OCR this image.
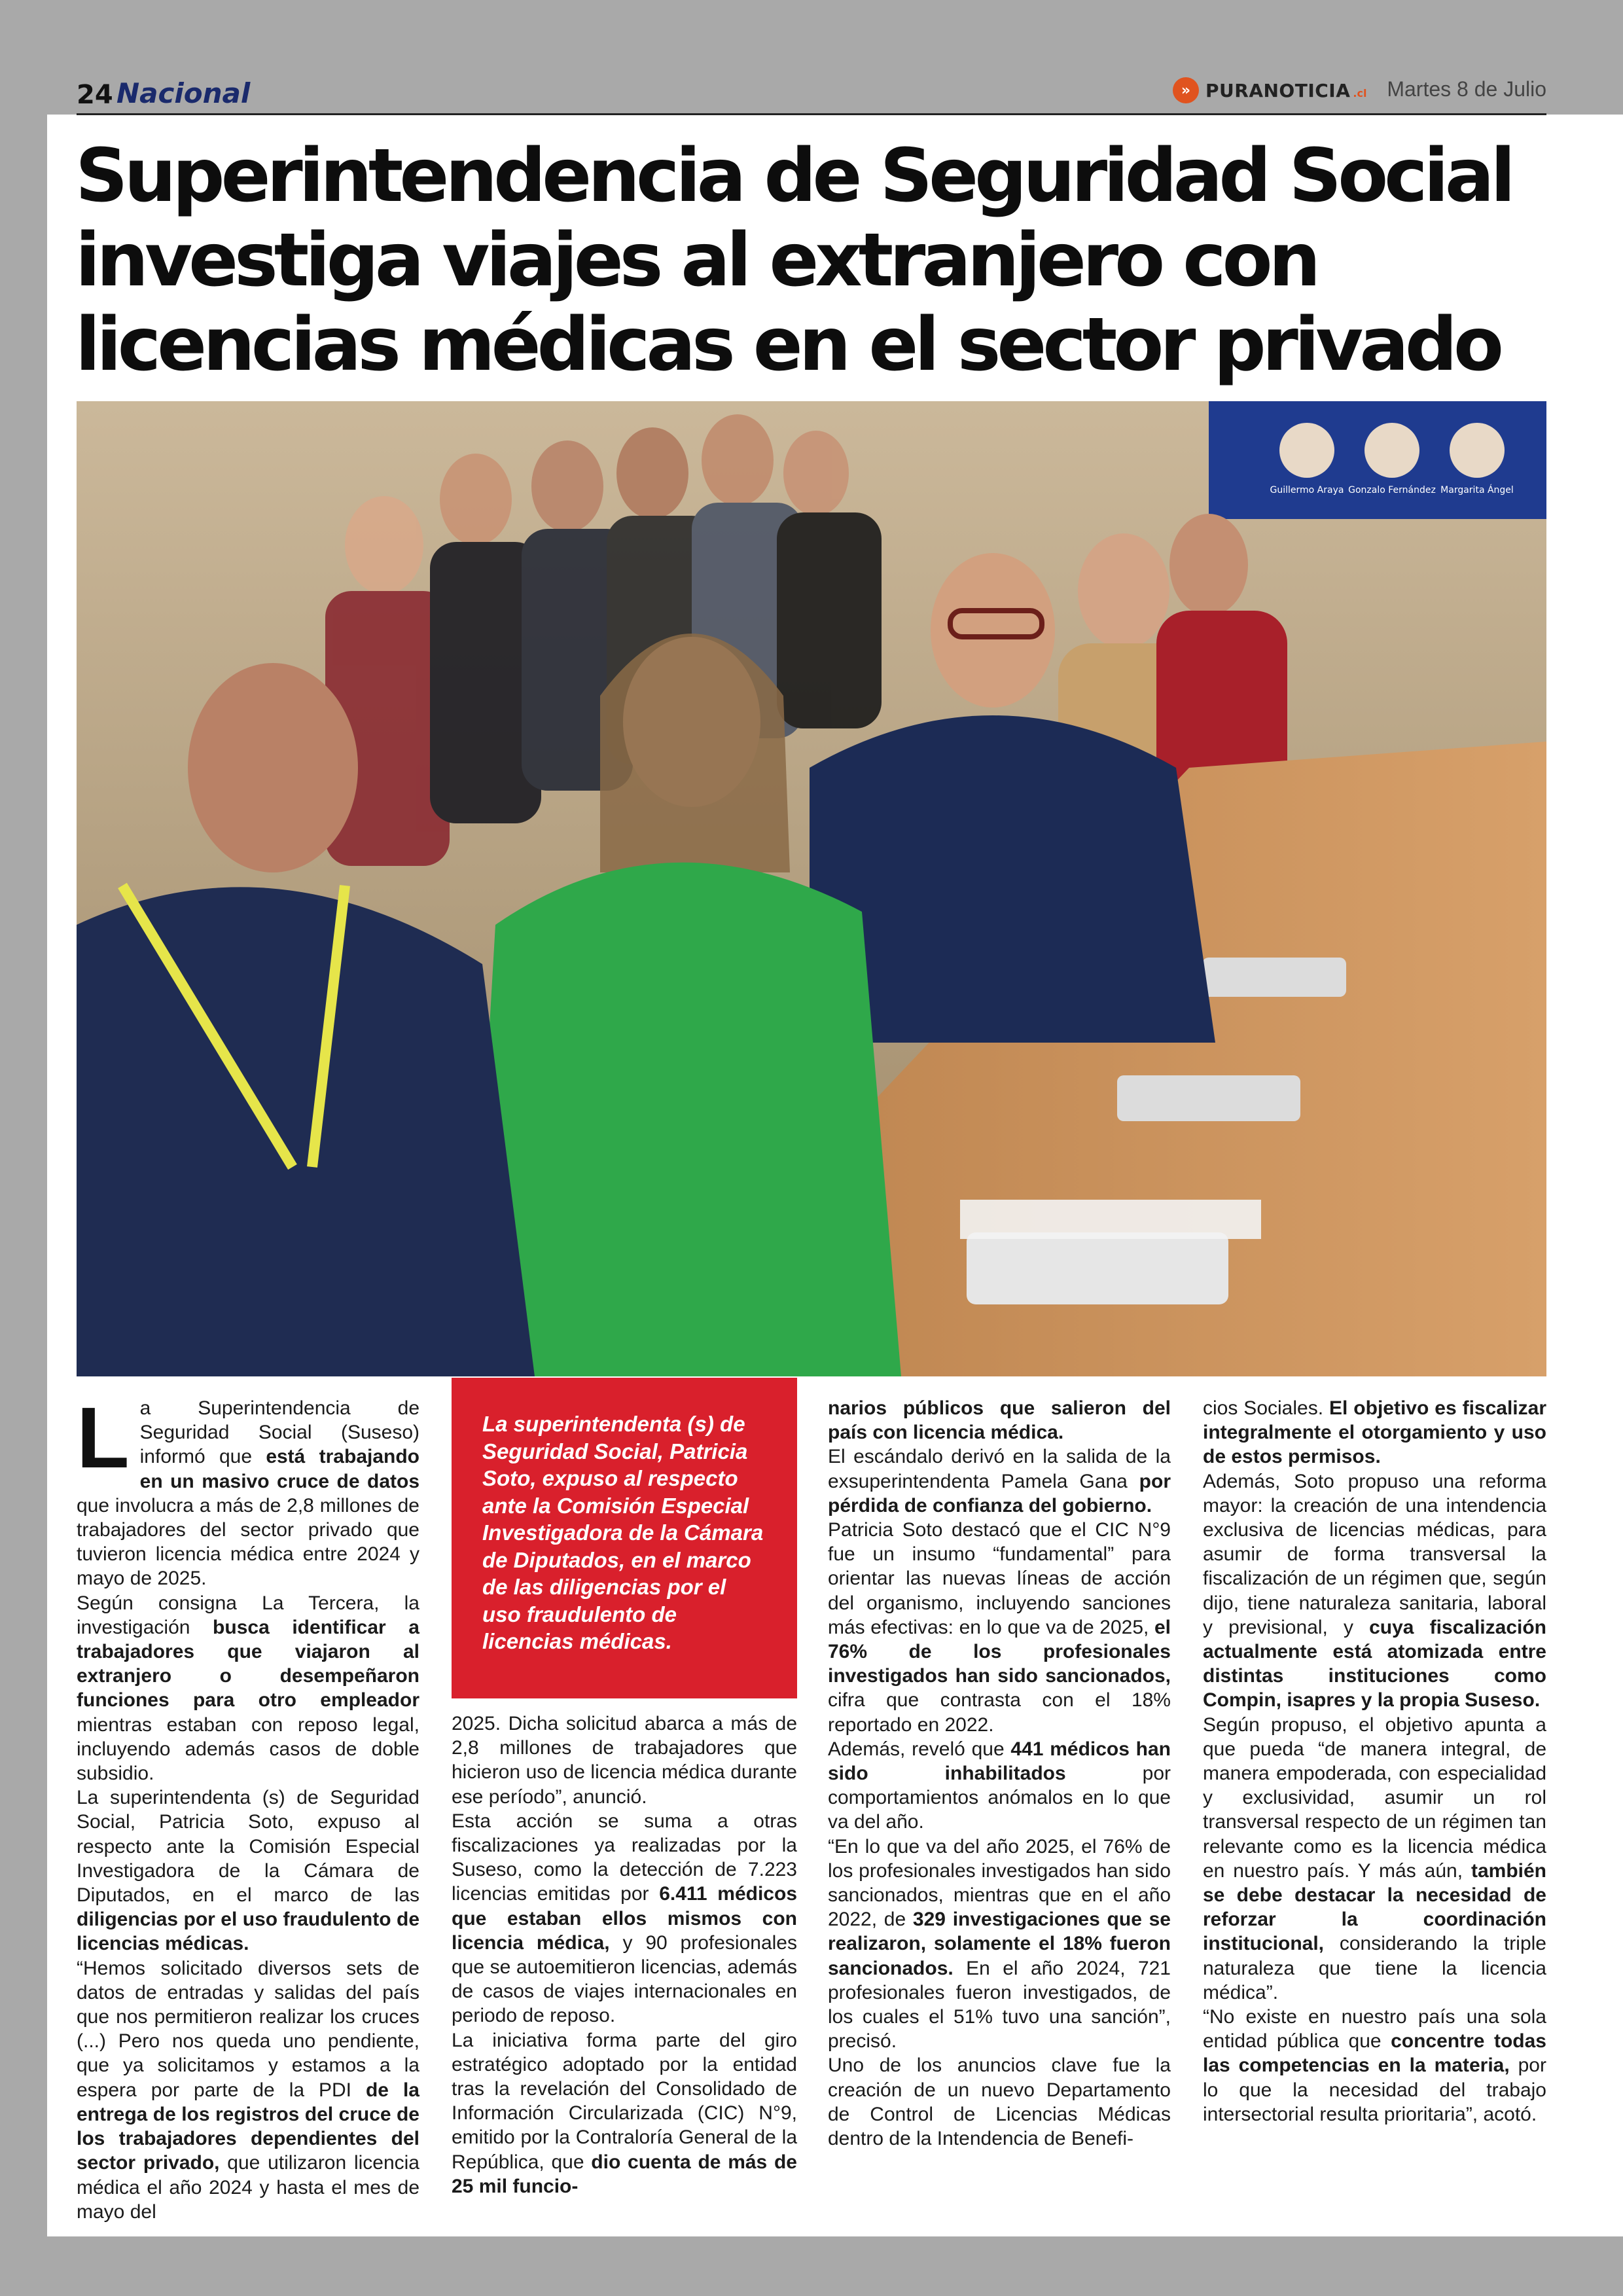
24 Nacional	» PURANOTICIA .cl Martes 8 de Julio
Superintendencia de Seguridad Social investiga viajes al extranjero con licencias médicas en el sector privado
Guillermo Araya Gonzalo Fernández Margarita Ángel
L a Superintendencia de Seguridad Social (Suseso) informó que está trabajando en un masivo cruce de datos que involucra a más de 2,8 millones de trabajadores del sector privado que tuvieron licencia médica entre 2024 y mayo de 2025.
Según consigna La Tercera, la investigación busca identificar a trabajadores que viajaron al extranjero o desempeñaron funciones para otro empleador mientras estaban con reposo legal, incluyendo además casos de doble subsidio.
La superintendenta (s) de Seguridad Social, Patricia Soto, expuso al respecto ante la Comisión Especial Investigadora de la Cámara de Diputados, en el marco de las diligencias por el uso fraudulento de licencias médicas.
“Hemos solicitado diversos sets de datos de entradas y salidas del país que nos permitieron realizar los cruces (...) Pero nos queda uno pendiente, que ya solicitamos y estamos a la espera por parte de la PDI de la entrega de los registros del cruce de los trabajadores dependientes del sector privado, que utilizaron licencia médica el año 2024 y hasta el mes de mayo del

La superintendenta (s) de Seguridad Social, Patricia Soto, expuso al respecto ante la Comisión Especial Investigadora de la Cámara de Diputados, en el marco de las diligencias por el uso fraudulento de licencias médicas.

2025. Dicha solicitud abarca a más de 2,8 millones de trabajadores que hicieron uso de licencia médica durante ese período”, anunció.
Esta acción se suma a otras fiscalizaciones ya realizadas por la Suseso, como la detección de 7.223 licencias emitidas por 6.411 médicos que estaban ellos mismos con licencia médica, y 90 profesionales que se autoemitieron licencias, además de casos de viajes internacionales en periodo de reposo.
La iniciativa forma parte del giro estratégico adoptado por la entidad tras la revelación del Consolidado de Información Circularizada (CIC) N°9, emitido por la Contraloría General de la República, que dio cuenta de más de 25 mil funcio-

narios públicos que salieron del país con licencia médica.
El escándalo derivó en la salida de la exsuperintendenta Pamela Gana por pérdida de confianza del gobierno.
Patricia Soto destacó que el CIC N°9 fue un insumo “fundamental” para orientar las nuevas líneas de acción del organismo, incluyendo sanciones más efectivas: en lo que va de 2025, el 76% de los profesionales investigados han sido sancionados, cifra que contrasta con el 18% reportado en 2022.
Además, reveló que 441 médicos han sido inhabilitados por comportamientos anómalos en lo que va del año.
“En lo que va del año 2025, el 76% de los profesionales investigados han sido sancionados, mientras que en el año 2022, de 329 investigaciones que se realizaron, solamente el 18% fueron sancionados. En el año 2024, 721 profesionales fueron investigados, de los cuales el 51% tuvo una sanción”, precisó.
Uno de los anuncios clave fue la creación de un nuevo Departamento de Control de Licencias Médicas dentro de la Intendencia de Benefi-

cios Sociales. El objetivo es fiscalizar integralmente el otorgamiento y uso de estos permisos.
Además, Soto propuso una reforma mayor: la creación de una intendencia exclusiva de licencias médicas, para asumir de forma transversal la fiscalización de un régimen que, según dijo, tiene naturaleza sanitaria, laboral y previsional, y cuya fiscalización actualmente está atomizada entre distintas instituciones como Compin, isapres y la propia Suseso.
Según propuso, el objetivo apunta a que pueda “de manera integral, de manera empoderada, con especialidad y exclusividad, asumir un rol transversal respecto de un régimen tan relevante como es la licencia médica en nuestro país. Y más aún, también se debe destacar la necesidad de reforzar la coordinación institucional, considerando la triple naturaleza que tiene la licencia médica”.
“No existe en nuestro país una sola entidad pública que concentre todas las competencias en la materia, por lo que la necesidad del trabajo intersectorial resulta prioritaria”, acotó.
